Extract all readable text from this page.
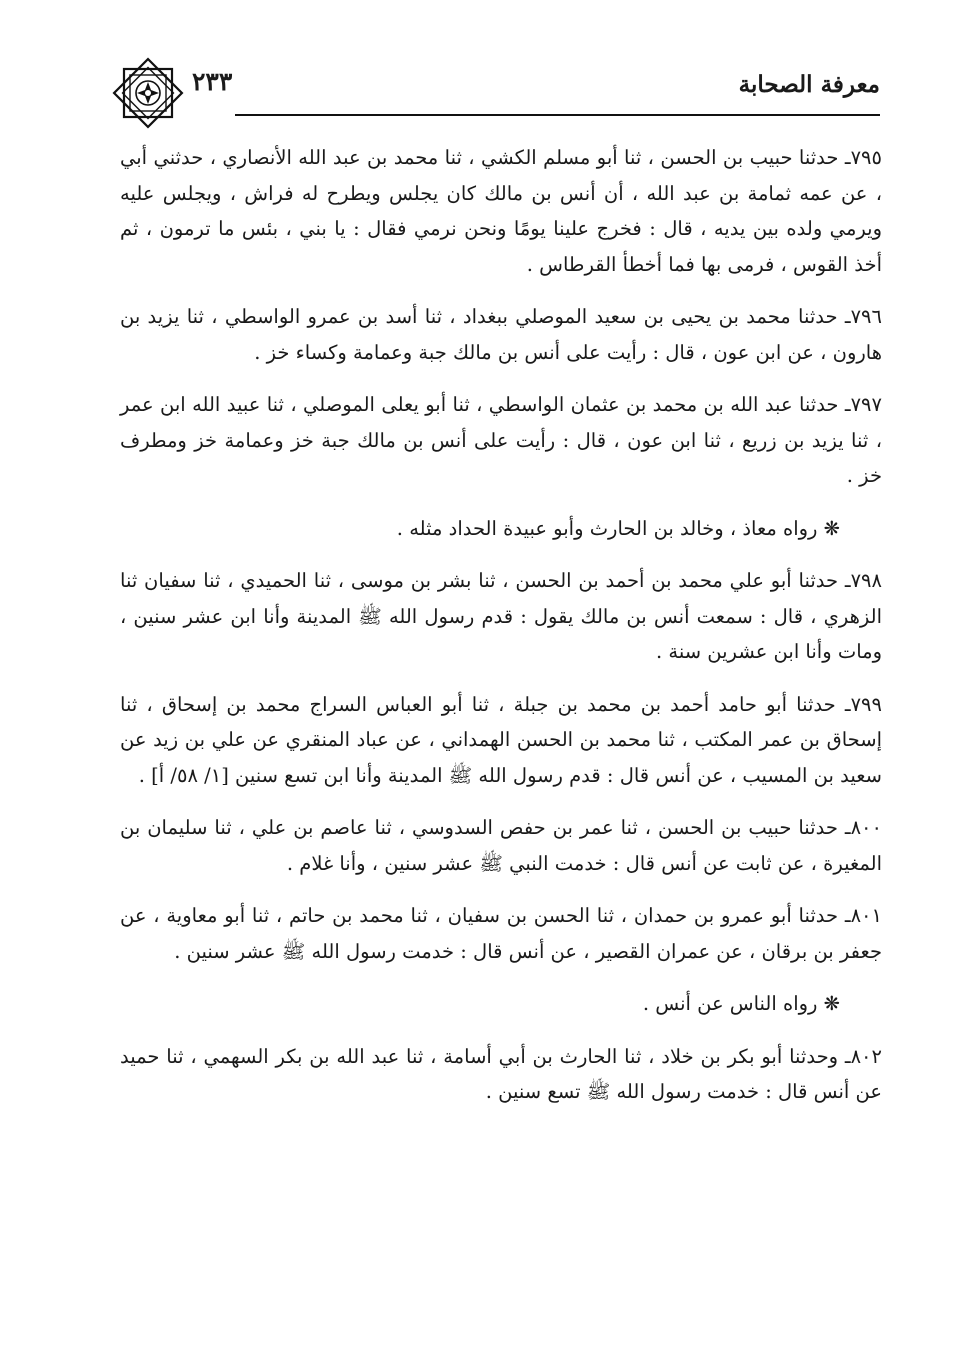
معرفة الصحابة
٢٣٣

٧٩٥ـ حدثنا حبيب بن الحسن ، ثنا أبو مسلم الكشي ، ثنا محمد بن عبد الله الأنصاري ، حدثني أبي ، عن عمه ثمامة بن عبد الله ، أن أنس بن مالك كان يجلس ويطرح له فراش ، ويجلس عليه ويرمي ولده بين يديه ، قال : فخرج علينا يومًا ونحن نرمي فقال : يا بني ، بئس ما ترمون ، ثم أخذ القوس ، فرمى بها فما أخطأ القرطاس .

٧٩٦ـ حدثنا محمد بن يحيى بن سعيد الموصلي ببغداد ، ثنا أسد بن عمرو الواسطي ، ثنا يزيد بن هارون ، عن ابن عون ، قال : رأيت على أنس بن مالك جبة وعمامة وكساء خز .

٧٩٧ـ حدثنا عبد الله بن محمد بن عثمان الواسطي ، ثنا أبو يعلى الموصلي ، ثنا عبيد الله ابن عمر ، ثنا يزيد بن زريع ، ثنا ابن عون ، قال : رأيت على أنس بن مالك جبة خز وعمامة خز ومطرف خز .

❋ رواه معاذ ، وخالد بن الحارث وأبو عبيدة الحداد مثله .

٧٩٨ـ حدثنا أبو علي محمد بن أحمد بن الحسن ، ثنا بشر بن موسى ، ثنا الحميدي ، ثنا سفيان ثنا الزهري ، قال : سمعت أنس بن مالك يقول : قدم رسول الله ﷺ المدينة وأنا ابن عشر سنين ، ومات وأنا ابن عشرين سنة .

٧٩٩ـ حدثنا أبو حامد أحمد بن محمد بن جبلة ، ثنا أبو العباس السراج محمد بن إسحاق ، ثنا إسحاق بن عمر المكتب ، ثنا محمد بن الحسن الهمداني ، عن عباد المنقري عن علي بن زيد عن سعيد بن المسيب ، عن أنس قال : قدم رسول الله ﷺ المدينة وأنا ابن تسع سنين [١/ ٥٨/ أ] .

٨٠٠ـ حدثنا حبيب بن الحسن ، ثنا عمر بن حفص السدوسي ، ثنا عاصم بن علي ، ثنا سليمان بن المغيرة ، عن ثابت عن أنس قال : خدمت النبي ﷺ عشر سنين ، وأنا غلام .

٨٠١ـ حدثنا أبو عمرو بن حمدان ، ثنا الحسن بن سفيان ، ثنا محمد بن حاتم ، ثنا أبو معاوية ، عن جعفر بن برقان ، عن عمران القصير ، عن أنس قال : خدمت رسول الله ﷺ عشر سنين .

❋ رواه الناس عن أنس .

٨٠٢ـ وحدثنا أبو بكر بن خلاد ، ثنا الحارث بن أبي أسامة ، ثنا عبد الله بن بكر السهمي ، ثنا حميد عن أنس قال : خدمت رسول الله ﷺ تسع سنين .
